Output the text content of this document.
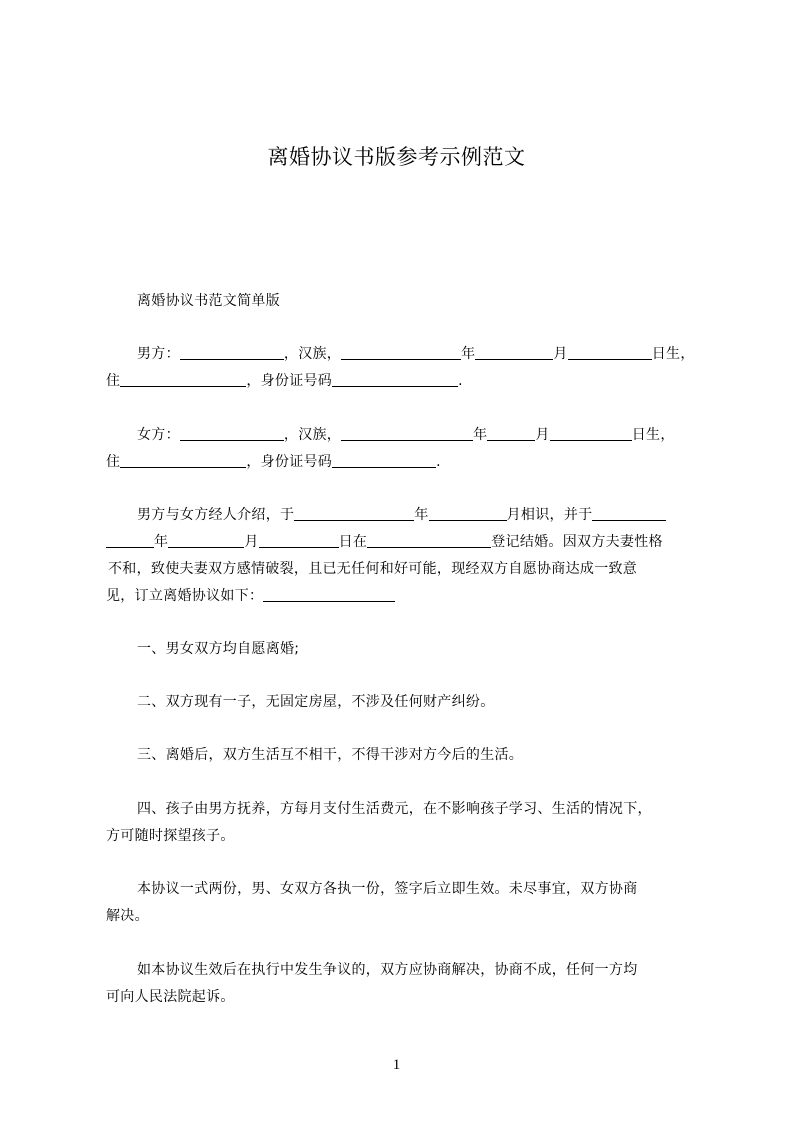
离婚协议书版参考示例范文
离婚协议书范文简单版
男方：	，汉族，	年	月	日生，
住	，身份证号码	.
女方：	，汉族，	年	月	日生，
住	，身份证号码	.
男方与女方经人介绍，于	年	月相识，并于
年	月	日在	登记结婚。因双方夫妻性格
不和，致使夫妻双方感情破裂，且已无任何和好可能，现经双方自愿协商达成一致意
见，订立离婚协议如下：
一、男女双方均自愿离婚;
二、双方现有一子，无固定房屋，不涉及任何财产纠纷。
三、离婚后，双方生活互不相干，不得干涉对方今后的生活。
四、孩子由男方抚养，方每月支付生活费元，在不影响孩子学习、生活的情况下，
方可随时探望孩子。
本协议一式两份，男、女双方各执一份，签字后立即生效。未尽事宜，双方协商
解决。
如本协议生效后在执行中发生争议的，双方应协商解决，协商不成，任何一方均
可向人民法院起诉。
1
